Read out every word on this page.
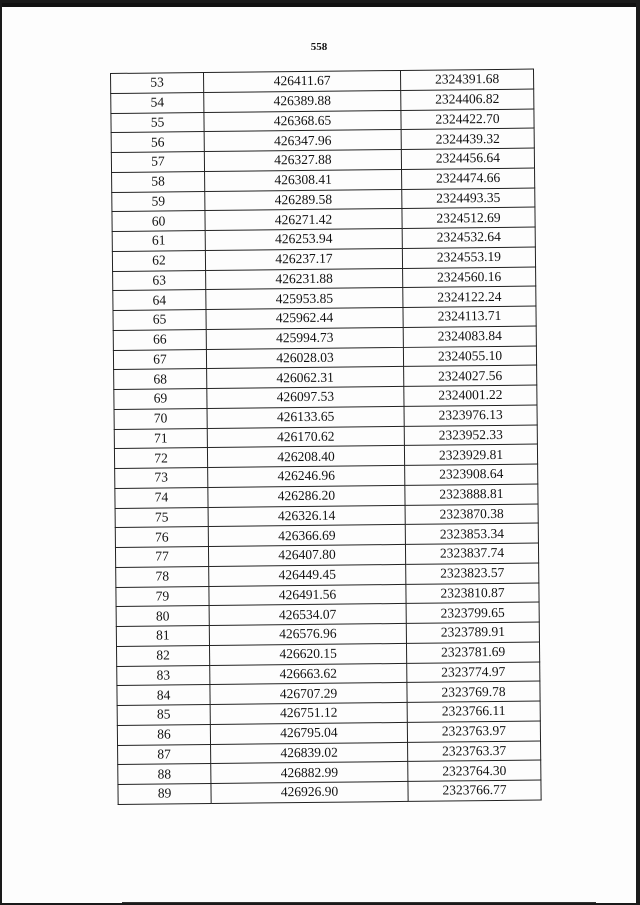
558
53	426411.67	2324391.68
54	426389.88	2324406.82
55	426368.65	2324422.70
56	426347.96	2324439.32
57	426327.88	2324456.64
58	426308.41	2324474.66
59	426289.58	2324493.35
60	426271.42	2324512.69
61	426253.94	2324532.64
62	426237.17	2324553.19
63	426231.88	2324560.16
64	425953.85	2324122.24
65	425962.44	2324113.71
66	425994.73	2324083.84
67	426028.03	2324055.10
68	426062.31	2324027.56
69	426097.53	2324001.22
70	426133.65	2323976.13
71	426170.62	2323952.33
72	426208.40	2323929.81
73	426246.96	2323908.64
74	426286.20	2323888.81
75	426326.14	2323870.38
76	426366.69	2323853.34
77	426407.80	2323837.74
78	426449.45	2323823.57
79	426491.56	2323810.87
80	426534.07	2323799.65
81	426576.96	2323789.91
82	426620.15	2323781.69
83	426663.62	2323774.97
84	426707.29	2323769.78
85	426751.12	2323766.11
86	426795.04	2323763.97
87	426839.02	2323763.37
88	426882.99	2323764.30
89	426926.90	2323766.77
